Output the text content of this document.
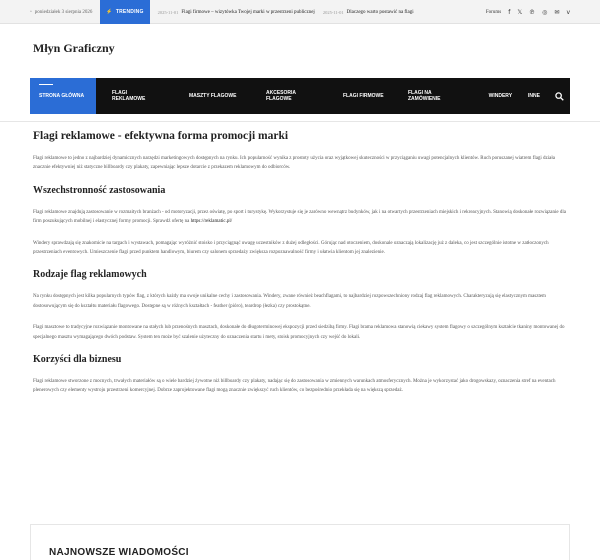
▫ poniedziałek 3 sierpnia 2026	⚡ TRENDING	2025-11-01 Flagi firmowe – wizytówka Twojej marki w przestrzeni publicznej 2025-11-01 Dlaczego warto postawić na flagi	Forums f 𝕏 ℗ ◎ ✉ v
Młyn Graficzny
STRONA GŁÓWNA	FLAGI REKLAMOWE	MASZTY FLAGOWE	AKCESORIA FLAGOWE	FLAGI FIRMOWE	FLAGI NA ZAMÓWIENIE	WINDERY	INNE
Flagi reklamowe - efektywna forma promocji marki

Flagi reklamowe to jedno z najbardziej dynamicznych narzędzi marketingowych dostępnych na rynku. Ich popularność wynika z prostoty użycia oraz wyjątkowej skuteczności w przyciąganiu uwagi potencjalnych klientów. Ruch poruszanej wiatrem flagi działa znacznie efektywniej niż statyczne billboardy czy plakaty, zapewniając lepsze dotarcie z przekazem reklamowym do odbiorców.

Wszechstronność zastosowania

Flagi reklamowe znajdują zastosowanie w rozmaitych branżach - od motoryzacji, przez oświatę, po sport i turystykę. Wykorzystuje się je zarówno wewnątrz budynków, jak i na otwartych przestrzeniach miejskich i rekreacyjnych. Stanowią doskonałe rozwiązanie dla firm poszukujących mobilnej i elastycznej formy promocji. Sprawdź ofertę na https://reklamatic.pl/

Windery sprawdzają się znakomicie na targach i wystawach, pomagając wyróżnić stoisko i przyciągnąć uwagę uczestników z dużej odległości. Górując nad otoczeniem, doskonale oznaczają lokalizację już z daleka, co jest szczególnie istotne w zatłoczonych przestrzeniach eventowych. Umieszczenie flagi przed punktem handlowym, biurem czy salonem sprzedaży zwiększa rozpoznawalność firmy i ułatwia klientom jej znalezienie.

Rodzaje flag reklamowych

Na rynku dostępnych jest kilka popularnych typów flag, z których każdy ma swoje unikalne cechy i zastosowania. Windery, zwane również beachflagami, to najbardziej rozpowszechniony rodzaj flag reklamowych. Charakteryzują się elastycznym masztem dostosowującym się do kształtu materiału flagowego. Dostępne są w różnych kształtach - feather (pióro), teardrop (łezka) czy prostokątne.

Flagi masztowe to tradycyjne rozwiązanie montowane na stałych lub przenośnych masztach, doskonałe do długoterminowej ekspozycji przed siedzibą firmy. Flagi brama reklamowa stanowią ciekawy system flagowy o szczególnym kształcie tkaniny montowanej do specjalnego masztu wymagającego dwóch podstaw. System ten może być szalenie użyteczny do oznaczenia startu i mety, stoisk promocyjnych czy wejść do lokali.

Korzyści dla biznesu

Flagi reklamowe stworzone z mocnych, trwałych materiałów są o wiele bardziej żywotne niż billboardy czy plakaty, nadając się do zastosowania w zmiennych warunkach atmosferycznych. Można je wykorzystać jako drogowskazy, oznaczenia stref na eventach plenerowych czy elementy wystroju przestrzeni komercyjnej. Dobrze zaprojektowane flagi mogą znacznie zwiększyć ruch klientów, co bezpośrednio przekłada się na większą sprzedaż.

NAJNOWSZE WIADOMOŚCI
